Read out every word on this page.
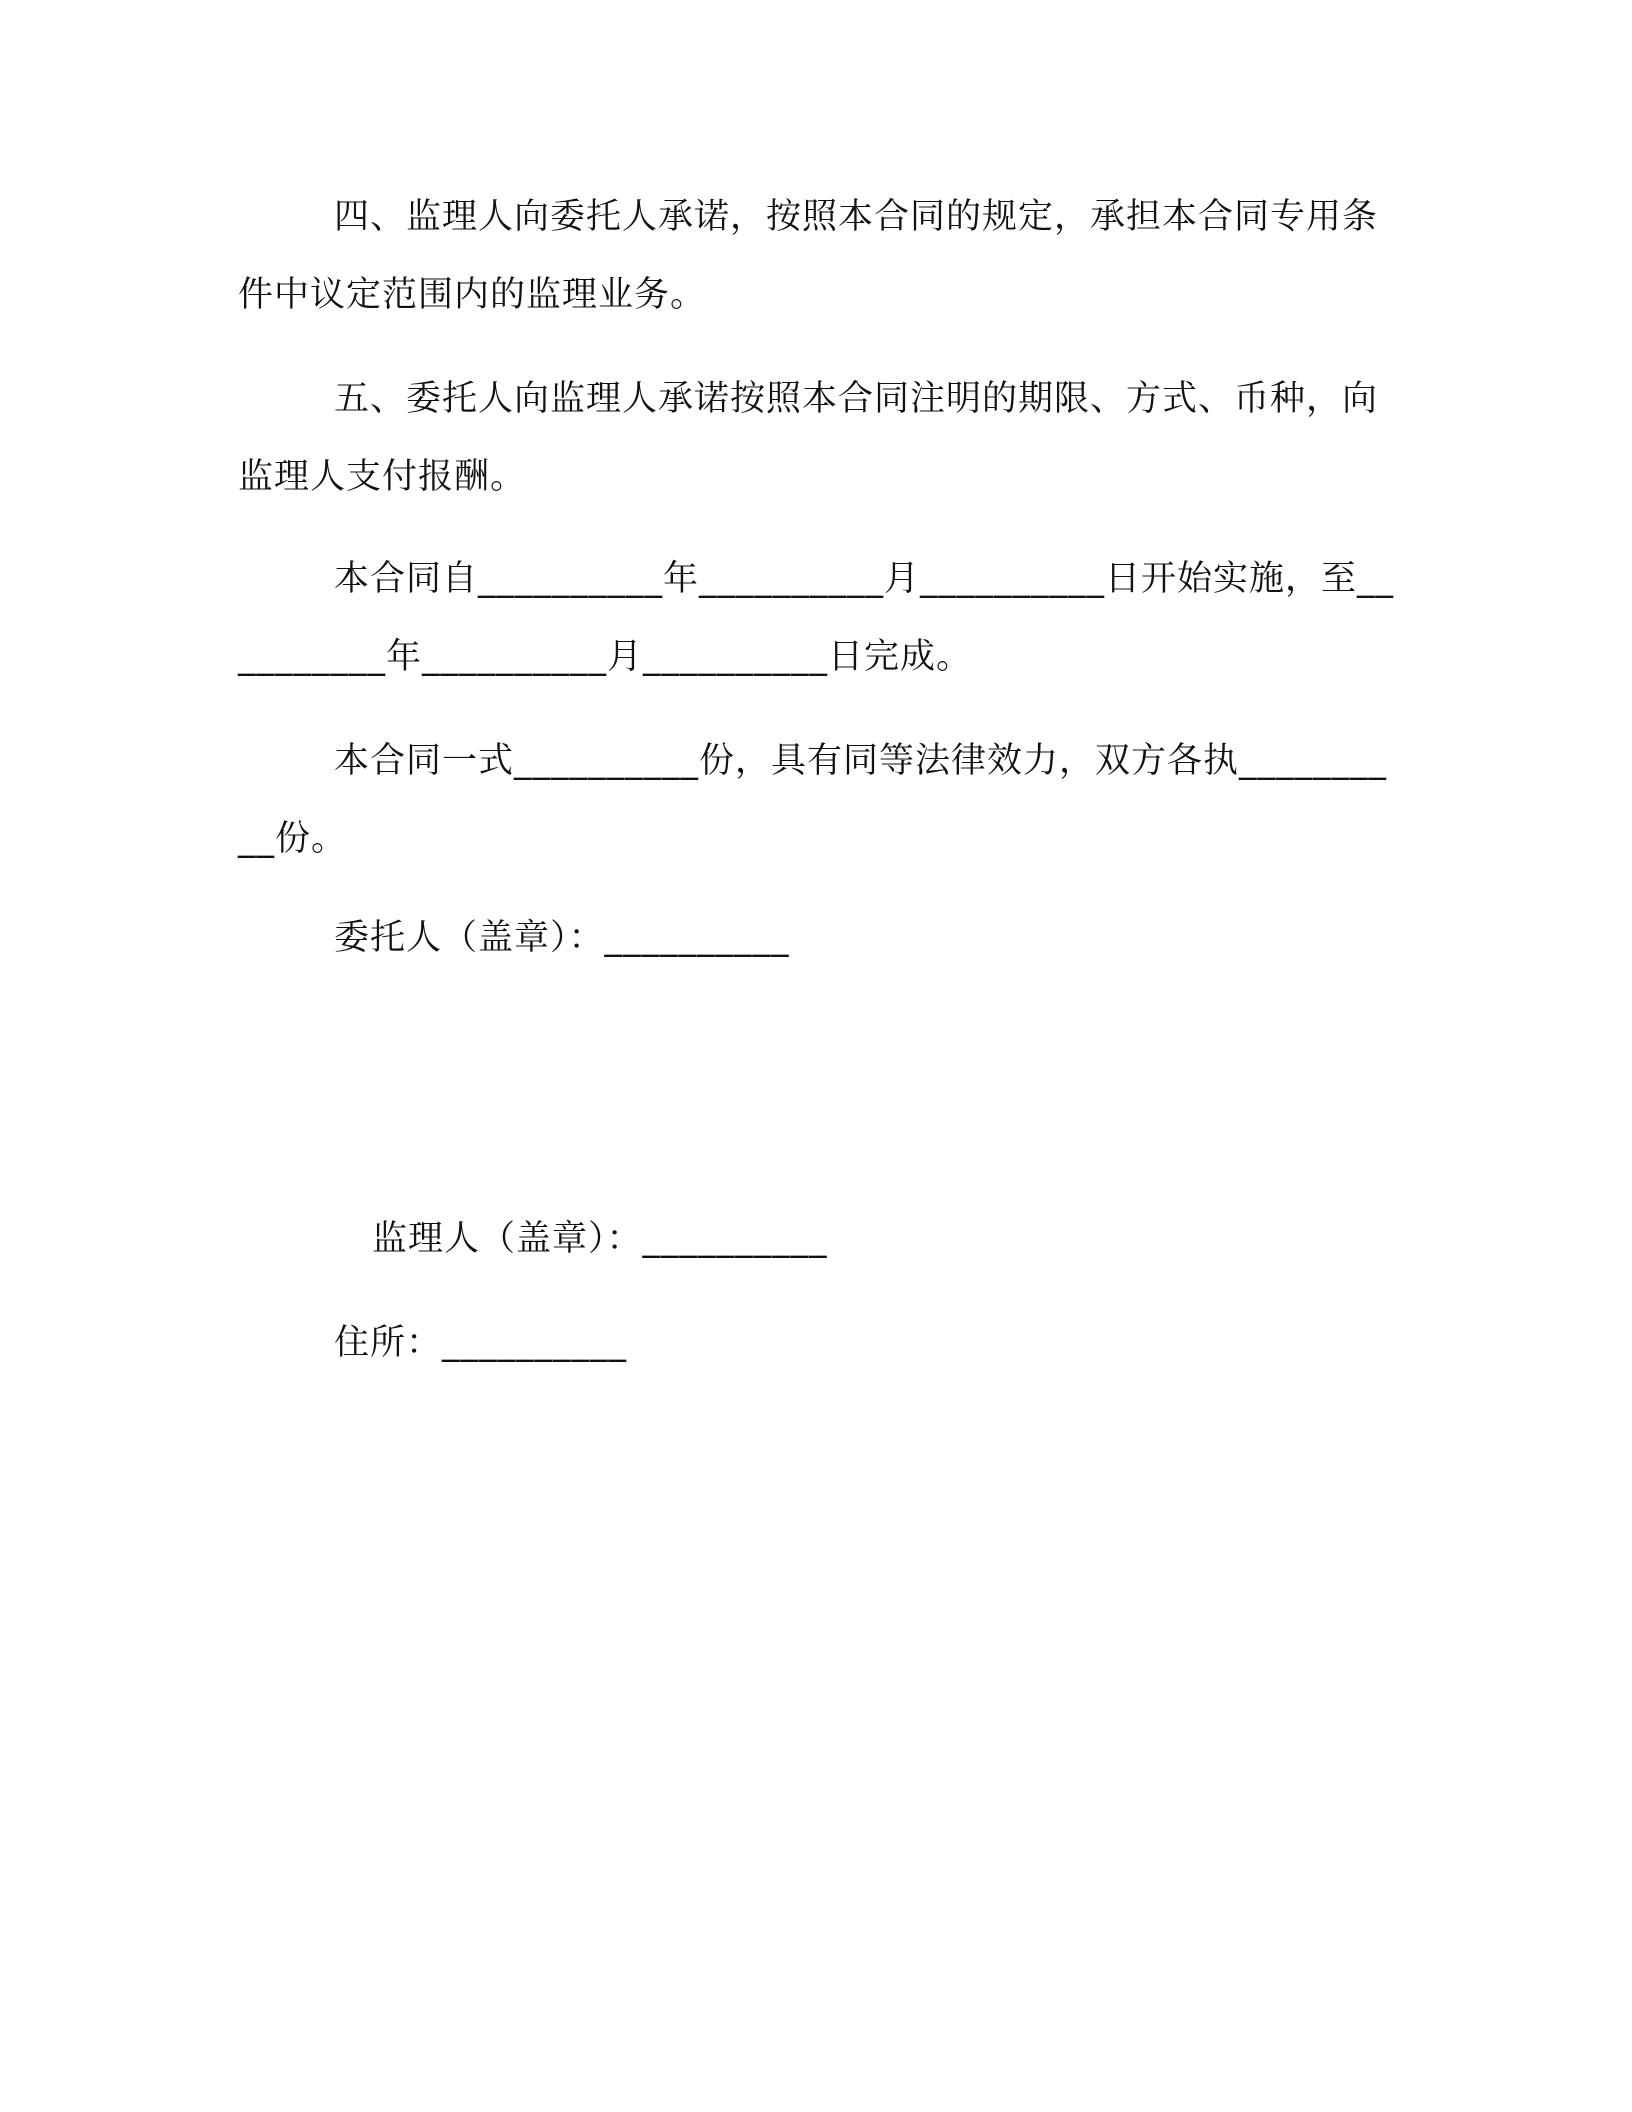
四、监理人向委托人承诺，按照本合同的规定，承担本合同专用条件中议定范围内的监理业务。

五、委托人向监理人承诺按照本合同注明的期限、方式、币种，向监理人支付报酬。

本合同自__________年__________月__________日开始实施，至__________年__________月__________日完成。

本合同一式__________份，具有同等法律效力，双方各执__________份。

委托人（盖章）：__________

监理人（盖章）：__________

住所：__________
